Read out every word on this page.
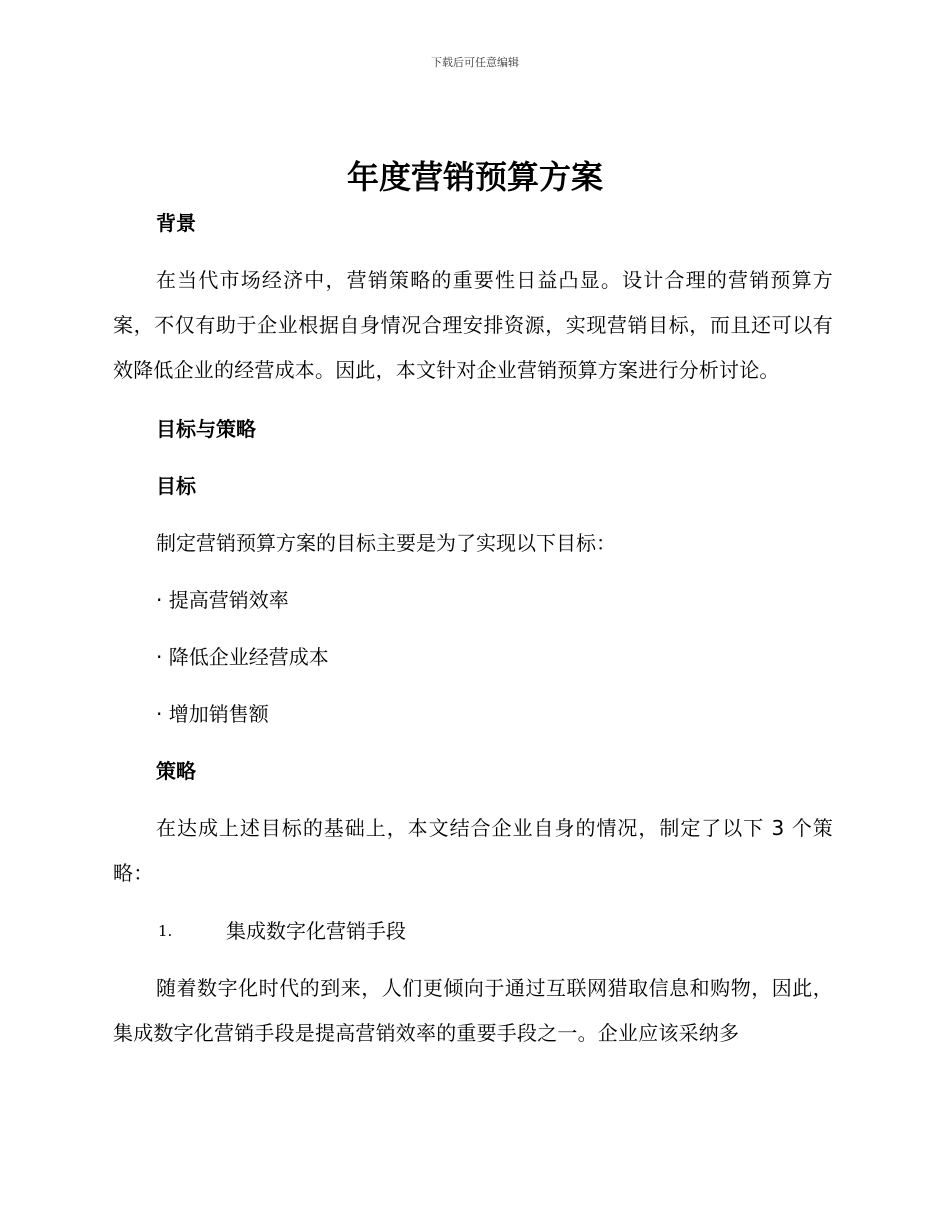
下载后可任意编辑
年度营销预算方案

背景

在当代市场经济中，营销策略的重要性日益凸显。设计合理的营销预算方案，不仅有助于企业根据自身情况合理安排资源，实现营销目标，而且还可以有效降低企业的经营成本。因此，本文针对企业营销预算方案进行分析讨论。

目标与策略

目标

制定营销预算方案的目标主要是为了实现以下目标：

· 提高营销效率

· 降低企业经营成本

· 增加销售额

策略

在达成上述目标的基础上，本文结合企业自身的情况，制定了以下 3 个策略：

1.	集成数字化营销手段

随着数字化时代的到来，人们更倾向于通过互联网猎取信息和购物，因此，集成数字化营销手段是提高营销效率的重要手段之一。企业应该采纳多
